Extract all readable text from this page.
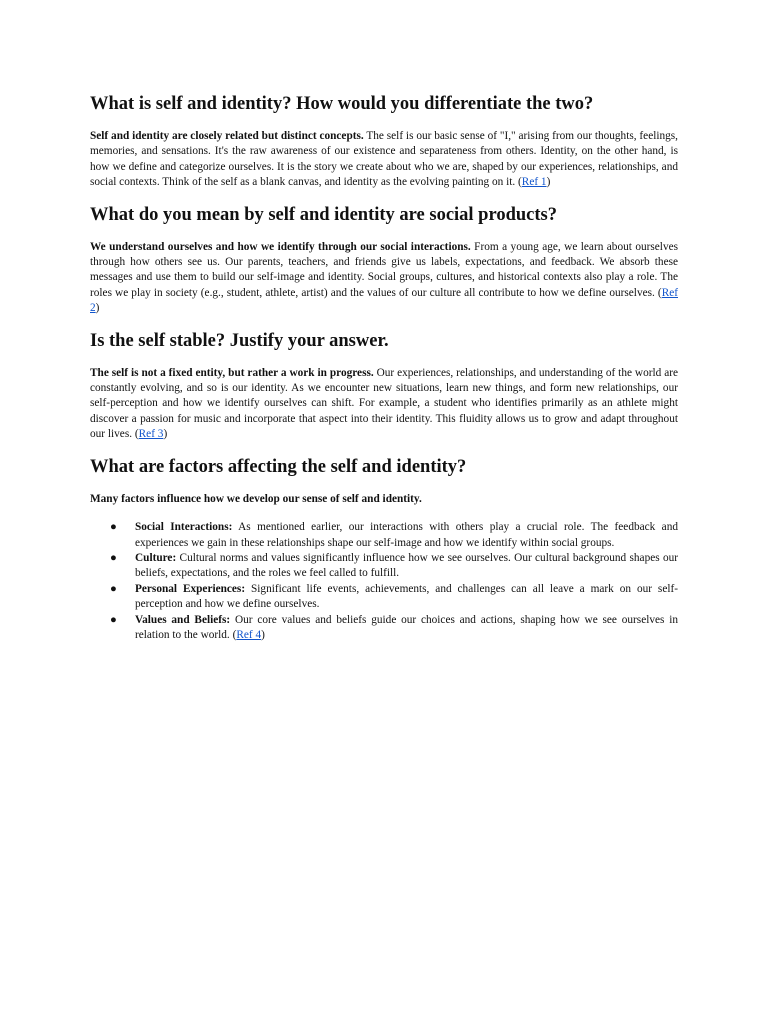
What is self and identity? How would you differentiate the two?

Self and identity are closely related but distinct concepts. The self is our basic sense of "I," arising from our thoughts, feelings, memories, and sensations. It's the raw awareness of our existence and separateness from others. Identity, on the other hand, is how we define and categorize ourselves. It is the story we create about who we are, shaped by our experiences, relationships, and social contexts. Think of the self as a blank canvas, and identity as the evolving painting on it. (Ref 1)

What do you mean by self and identity are social products?

We understand ourselves and how we identify through our social interactions. From a young age, we learn about ourselves through how others see us. Our parents, teachers, and friends give us labels, expectations, and feedback. We absorb these messages and use them to build our self-image and identity. Social groups, cultures, and historical contexts also play a role. The roles we play in society (e.g., student, athlete, artist) and the values of our culture all contribute to how we define ourselves. (Ref 2)

Is the self stable? Justify your answer.

The self is not a fixed entity, but rather a work in progress. Our experiences, relationships, and understanding of the world are constantly evolving, and so is our identity. As we encounter new situations, learn new things, and form new relationships, our self-perception and how we identify ourselves can shift. For example, a student who identifies primarily as an athlete might discover a passion for music and incorporate that aspect into their identity. This fluidity allows us to grow and adapt throughout our lives. (Ref 3)

What are factors affecting the self and identity?

Many factors influence how we develop our sense of self and identity.

● Social Interactions: As mentioned earlier, our interactions with others play a crucial role. The feedback and experiences we gain in these relationships shape our self-image and how we identify within social groups.
● Culture: Cultural norms and values significantly influence how we see ourselves. Our cultural background shapes our beliefs, expectations, and the roles we feel called to fulfill.
● Personal Experiences: Significant life events, achievements, and challenges can all leave a mark on our self-perception and how we define ourselves.
● Values and Beliefs: Our core values and beliefs guide our choices and actions, shaping how we see ourselves in relation to the world. (Ref 4)
